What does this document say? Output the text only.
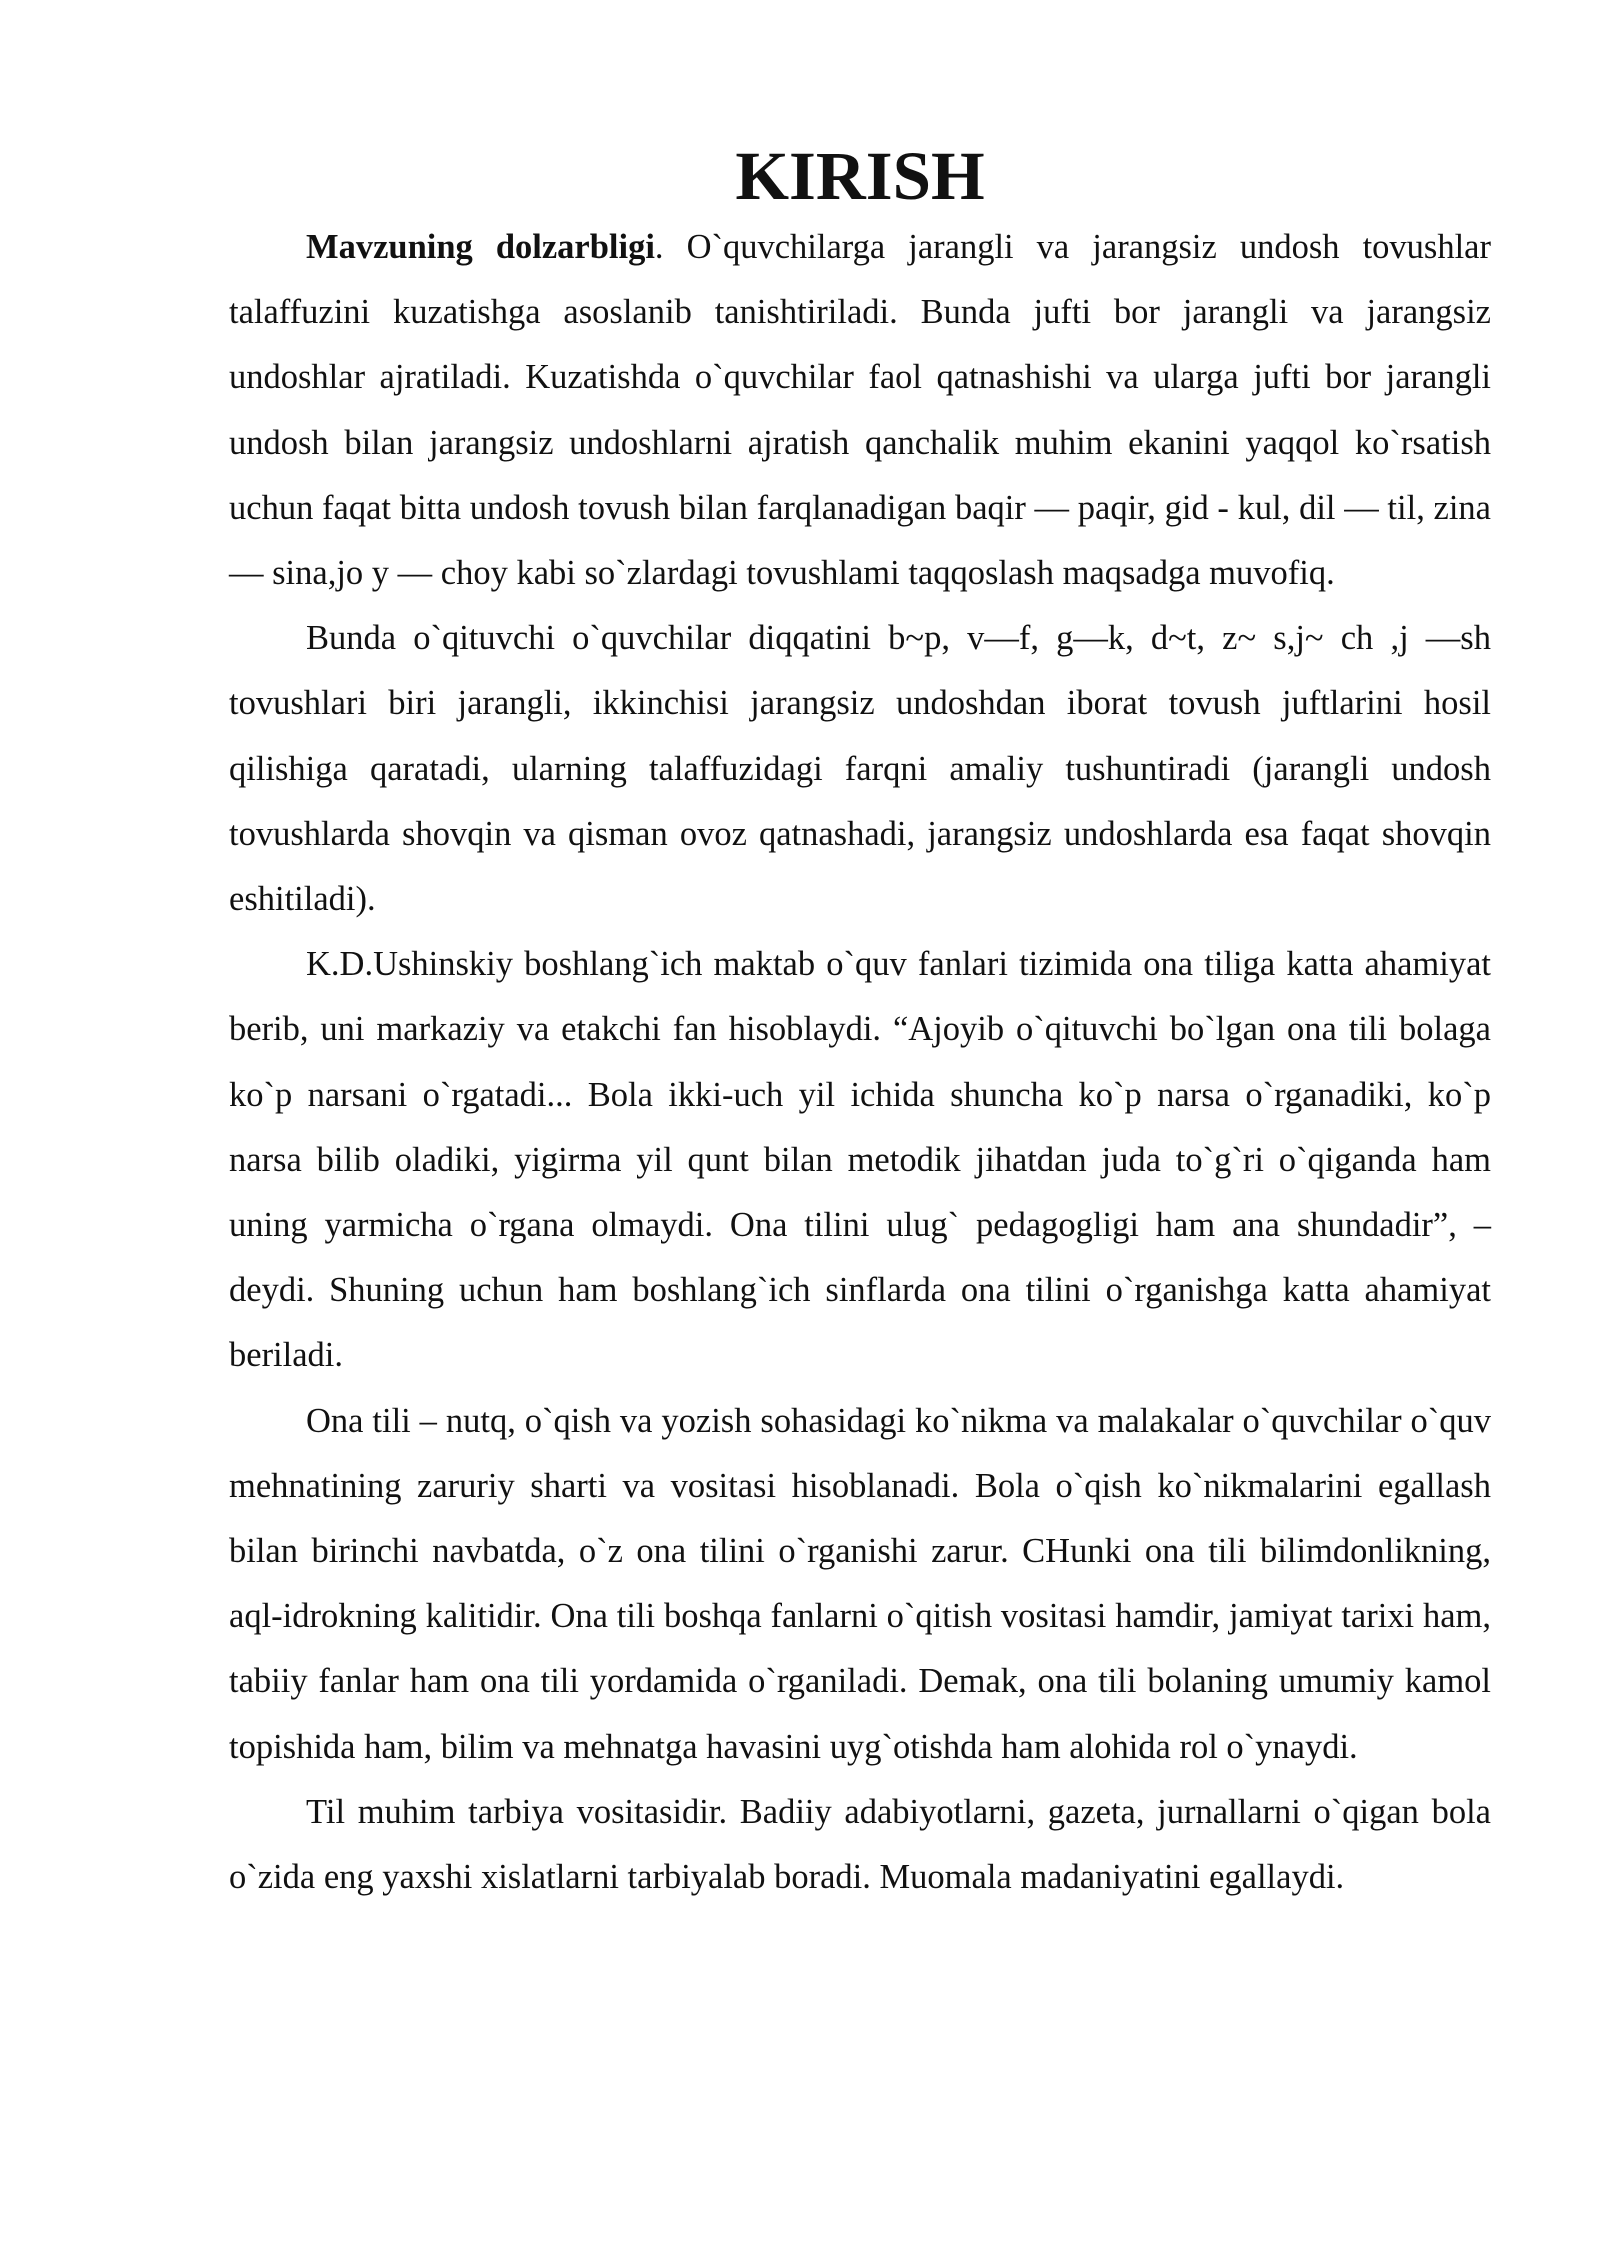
KIRISH

Mavzuning dolzarbligi. O`quvchilarga jarangli va jarangsiz undosh tovushlar talaffuzini kuzatishga asoslanib tanishtiriladi. Bunda jufti bor jarangli va jarangsiz undoshlar ajratiladi. Kuzatishda o`quvchilar faol qatnashishi va ularga jufti bor jarangli undosh bilan jarangsiz undoshlarni ajratish qanchalik muhim ekanini yaqqol ko`rsatish uchun faqat bitta undosh tovush bilan farqlanadigan baqir — paqir, gid - kul, dil — til, zina — sina,jo y — choy kabi so`zlardagi tovushlami taqqoslash maqsadga muvofiq.

Bunda o`qituvchi o`quvchilar diqqatini b~p, v—f, g—k, d~t, z~ s,j~ ch ,j —sh tovushlari biri jarangli, ikkinchisi jarangsiz undoshdan iborat tovush juftlarini hosil qilishiga qaratadi, ularning talaffuzidagi farqni amaliy tushuntiradi (jarangli undosh tovushlarda shovqin va qisman ovoz qatnashadi, jarangsiz undoshlarda esa faqat shovqin eshitiladi).

K.D.Ushinskiy boshlang`ich maktab o`quv fanlari tizimida ona tiliga katta ahamiyat berib, uni markaziy va etakchi fan hisoblaydi. “Ajoyib o`qituvchi bo`lgan ona tili bolaga ko`p narsani o`rgatadi... Bola ikki-uch yil ichida shuncha ko`p narsa o`rganadiki, ko`p narsa bilib oladiki, yigirma yil qunt bilan metodik jihatdan juda to`g`ri o`qiganda ham uning yarmicha o`rgana olmaydi. Ona tilini ulug` pedagogligi ham ana shundadir”, – deydi. Shuning uchun ham boshlang`ich sinflarda ona tilini o`rganishga katta ahamiyat beriladi.

Ona tili – nutq, o`qish va yozish sohasidagi ko`nikma va malakalar o`quvchilar o`quv mehnatining zaruriy sharti va vositasi hisoblanadi. Bola o`qish ko`nikmalarini egallash bilan birinchi navbatda, o`z ona tilini o`rganishi zarur. CHunki ona tili bilimdonlikning, aql-idrokning kalitidir. Ona tili boshqa fanlarni o`qitish vositasi hamdir, jamiyat tarixi ham, tabiiy fanlar ham ona tili yordamida o`rganiladi. Demak, ona tili bolaning umumiy kamol topishida ham, bilim va mehnatga havasini uyg`otishda ham alohida rol o`ynaydi.

Til muhim tarbiya vositasidir. Badiiy adabiyotlarni, gazeta, jurnallarni o`qigan bola o`zida eng yaxshi xislatlarni tarbiyalab boradi. Muomala madaniyatini egallaydi.
